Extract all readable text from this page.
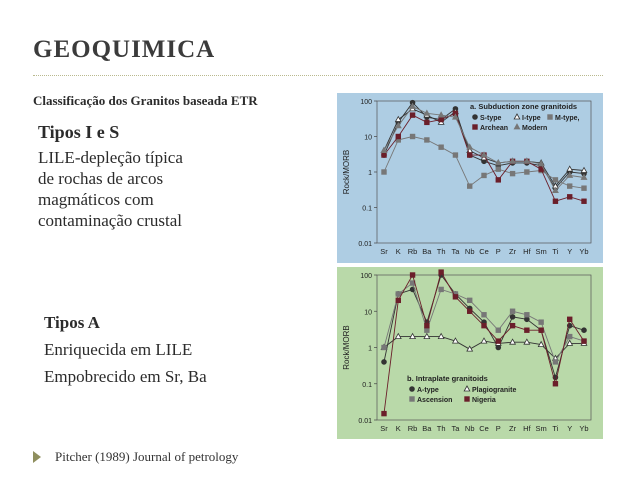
GEOQUIMICA
Classificação dos Granitos baseada ETR
Tipos I e S
LILE-depleção típica
de rochas de arcos
magmáticos com
contaminação crustal
Tipos A
Enriquecida em LILE
Empobrecido em Sr, Ba
Pitcher (1989) Journal of petrology
100
10
1
0.1
0.01
Rock/MORB
Sr K Rb Ba Th Ta Nb Ce P Zr Hf Sm Ti Y Yb
a. Subduction zone granitoids
S-type	I-type M-type,
Archean Modern
100
10
1
0.1
0.01
Rock/MORB
Sr K Rb Ba Th Ta Nb Ce P Zr Hf Sm Ti Y Yb
b. Intraplate granitoids
A-type	Plagiogranite
Ascension	Nigeria
